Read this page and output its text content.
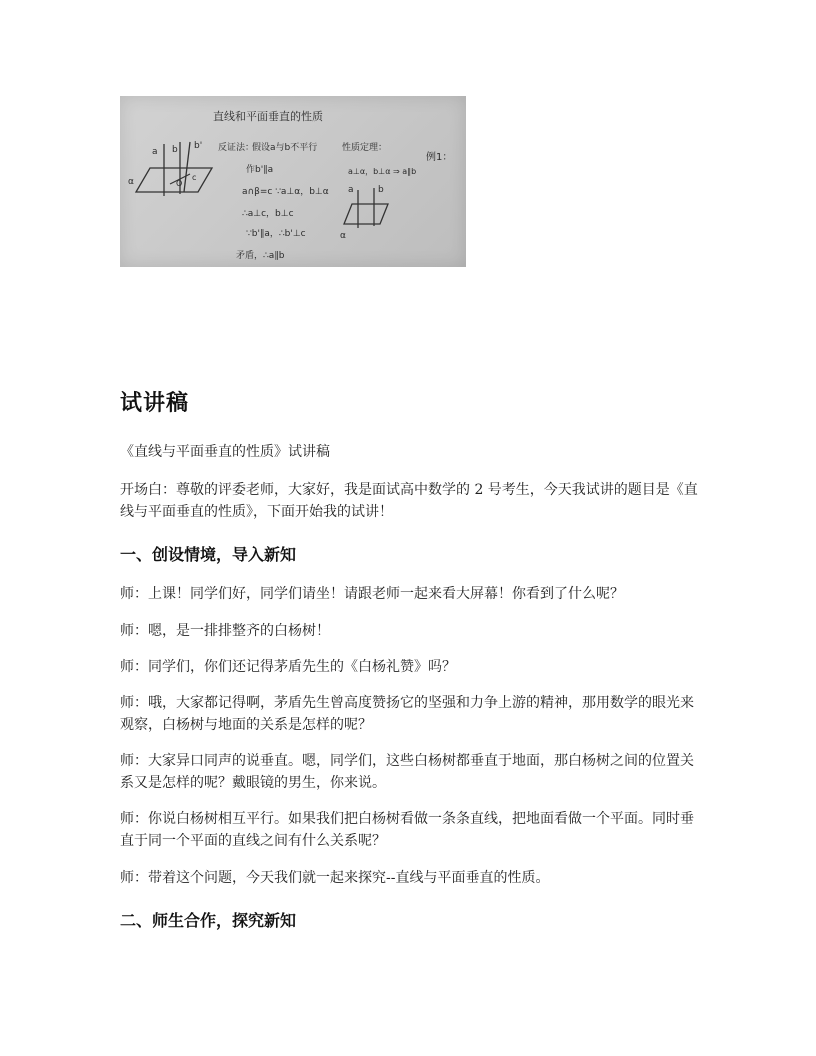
直线和平面垂直的性质
a b b'
α	O
c
反证法：
假设a与b不平行
作b'∥a
a∩β=c ∵a⊥α，b⊥α
∴a⊥c，b⊥c
∵b'∥a，∴b'⊥c
矛盾，∴a∥b
性质定理：
a⊥α，b⊥α ⇒ a∥b
a	b
α
例1：
试讲稿

《直线与平面垂直的性质》试讲稿

开场白：尊敬的评委老师，大家好，我是面试高中数学的 2 号考生，今天我试讲的题目是《直线与平面垂直的性质》，下面开始我的试讲！

一、创设情境，导入新知

师：上课！同学们好，同学们请坐！请跟老师一起来看大屏幕！你看到了什么呢？

师：嗯，是一排排整齐的白杨树！

师：同学们，你们还记得茅盾先生的《白杨礼赞》吗？

师：哦，大家都记得啊，茅盾先生曾高度赞扬它的坚强和力争上游的精神，那用数学的眼光来观察，白杨树与地面的关系是怎样的呢？

师：大家异口同声的说垂直。嗯，同学们，这些白杨树都垂直于地面，那白杨树之间的位置关系又是怎样的呢？戴眼镜的男生，你来说。

师：你说白杨树相互平行。如果我们把白杨树看做一条条直线，把地面看做一个平面。同时垂直于同一个平面的直线之间有什么关系呢？

师：带着这个问题，今天我们就一起来探究--直线与平面垂直的性质。

二、师生合作，探究新知
